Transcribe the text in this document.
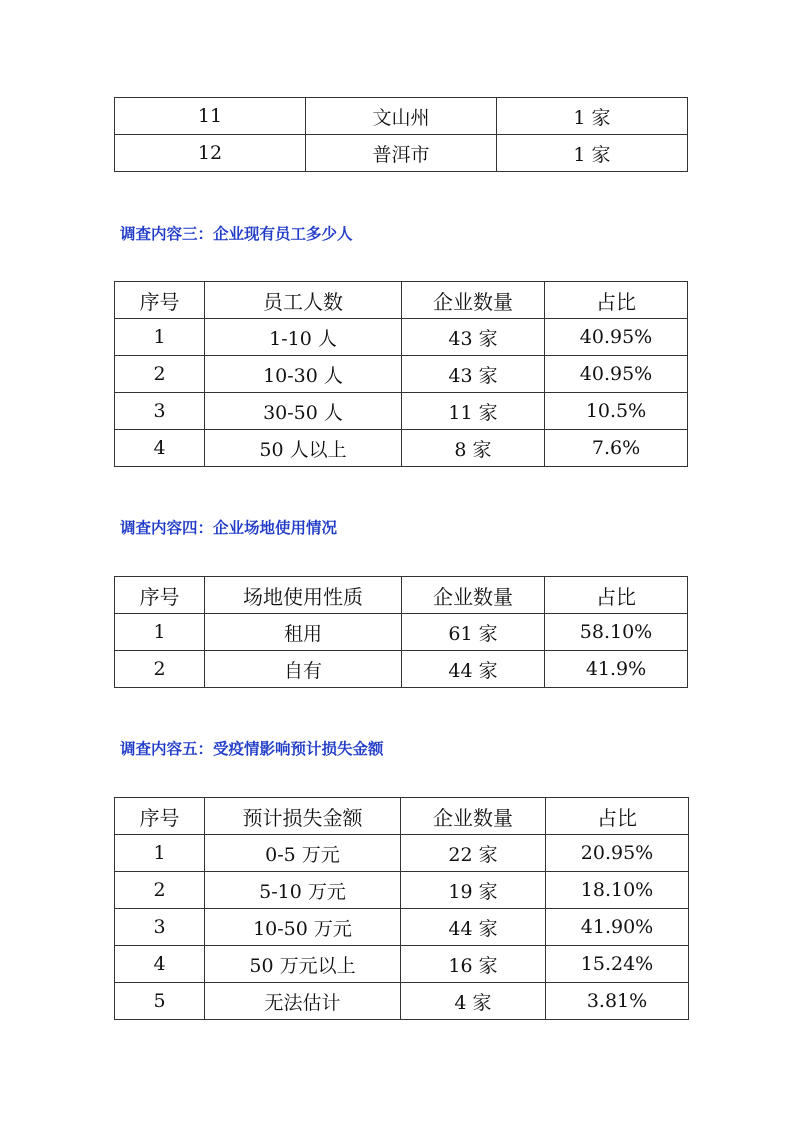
11	文山州	1 家
12	普洱市	1 家
调查内容三：企业现有员工多少人
序号	员工人数	企业数量	占比
1	1-10 人	43 家	40.95%
2	10-30 人	43 家	40.95%
3	30-50 人	11 家	10.5%
4	50 人以上	8 家	7.6%
调查内容四：企业场地使用情况
序号	场地使用性质	企业数量	占比
1	租用	61 家	58.10%
2	自有	44 家	41.9%
调查内容五：受疫情影响预计损失金额
序号	预计损失金额	企业数量	占比
1	0-5 万元	22 家	20.95%
2	5-10 万元	19 家	18.10%
3	10-50 万元	44 家	41.90%
4	50 万元以上	16 家	15.24%
5	无法估计	4 家	3.81%
